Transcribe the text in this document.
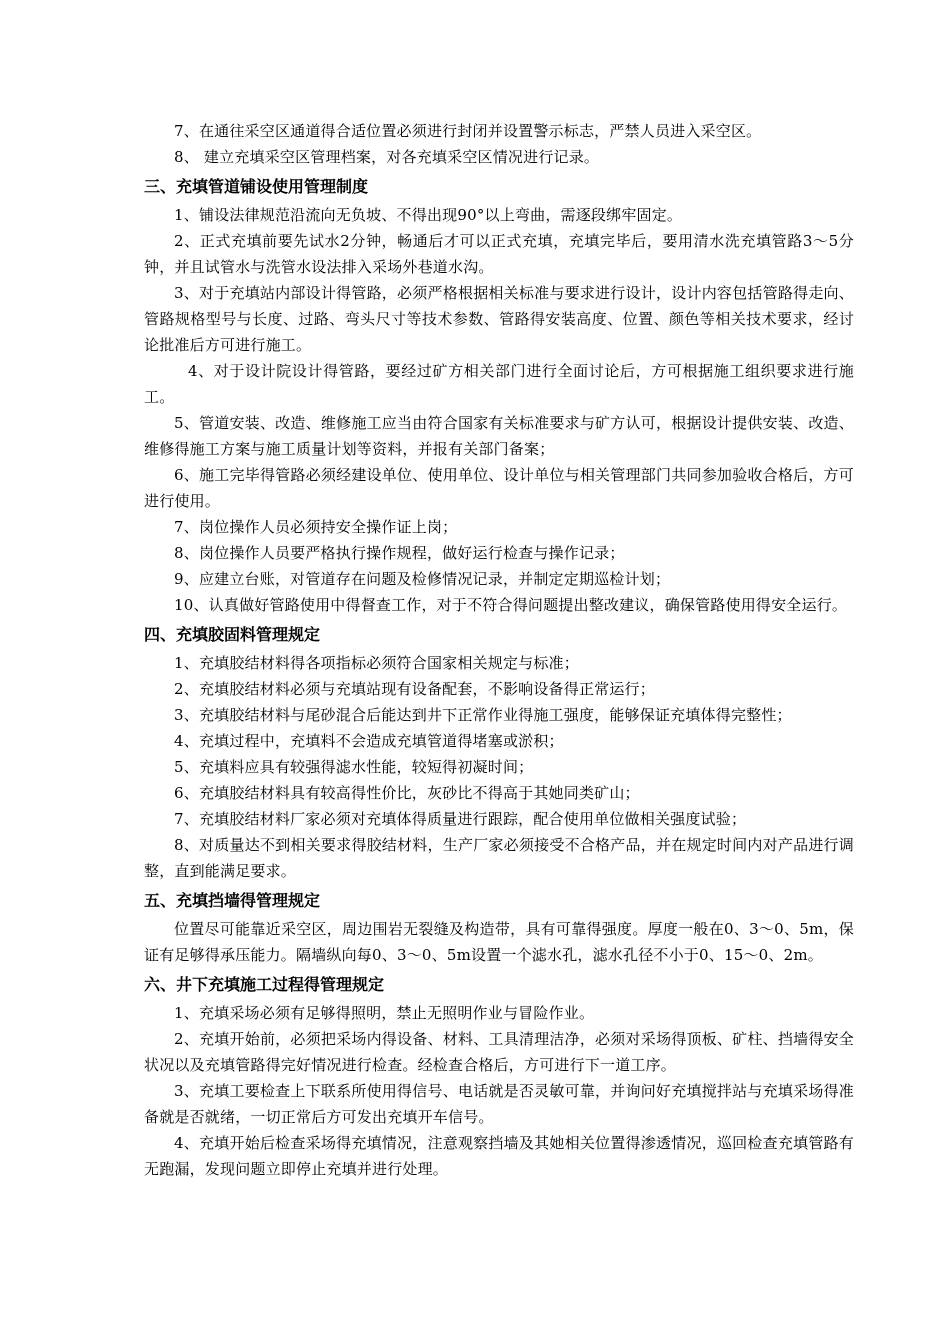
7、在通往采空区通道得合适位置必须进行封闭并设置警示标志，严禁人员进入采空区。

8、 建立充填采空区管理档案，对各充填采空区情况进行记录。

三、充填管道铺设使用管理制度

1、铺设法律规范沿流向无负坡、不得出现90°以上弯曲，需逐段绑牢固定。

2、正式充填前要先试水2分钟，畅通后才可以正式充填，充填完毕后，要用清水洗充填管路3～5分钟，并且试管水与洗管水设法排入采场外巷道水沟。

3、对于充填站内部设计得管路，必须严格根据相关标准与要求进行设计，设计内容包括管路得走向、管路规格型号与长度、过路、弯头尺寸等技术参数、管路得安装高度、位置、颜色等相关技术要求，经讨论批准后方可进行施工。

4、对于设计院设计得管路，要经过矿方相关部门进行全面讨论后，方可根据施工组织要求进行施工。

5、管道安装、改造、维修施工应当由符合国家有关标准要求与矿方认可，根据设计提供安装、改造、维修得施工方案与施工质量计划等资料，并报有关部门备案；

6、施工完毕得管路必须经建设单位、使用单位、设计单位与相关管理部门共同参加验收合格后，方可进行使用。

7、岗位操作人员必须持安全操作证上岗；

8、岗位操作人员要严格执行操作规程，做好运行检查与操作记录；

9、应建立台账，对管道存在问题及检修情况记录，并制定定期巡检计划；

10、认真做好管路使用中得督查工作，对于不符合得问题提出整改建议，确保管路使用得安全运行。

四、充填胶固料管理规定

1、充填胶结材料得各项指标必须符合国家相关规定与标准；

2、充填胶结材料必须与充填站现有设备配套，不影响设备得正常运行；

3、充填胶结材料与尾砂混合后能达到井下正常作业得施工强度，能够保证充填体得完整性；

4、充填过程中，充填料不会造成充填管道得堵塞或淤积；

5、充填料应具有较强得滤水性能，较短得初凝时间；

6、充填胶结材料具有较高得性价比，灰砂比不得高于其她同类矿山；

7、充填胶结材料厂家必须对充填体得质量进行跟踪，配合使用单位做相关强度试验；

8、对质量达不到相关要求得胶结材料，生产厂家必须接受不合格产品，并在规定时间内对产品进行调整，直到能满足要求。

五、充填挡墙得管理规定

位置尽可能靠近采空区，周边围岩无裂缝及构造带，具有可靠得强度。厚度一般在0、3～0、5m，保证有足够得承压能力。隔墙纵向每0、3～0、5m设置一个滤水孔，滤水孔径不小于0、15～0、2m。

六、井下充填施工过程得管理规定

1、充填采场必须有足够得照明，禁止无照明作业与冒险作业。

2、充填开始前，必须把采场内得设备、材料、工具清理洁净，必须对采场得顶板、矿柱、挡墙得安全状况以及充填管路得完好情况进行检查。经检查合格后，方可进行下一道工序。

3、充填工要检查上下联系所使用得信号、电话就是否灵敏可靠，并询问好充填搅拌站与充填采场得准备就是否就绪，一切正常后方可发出充填开车信号。

4、充填开始后检查采场得充填情况，注意观察挡墙及其她相关位置得渗透情况，巡回检查充填管路有无跑漏，发现问题立即停止充填并进行处理。
